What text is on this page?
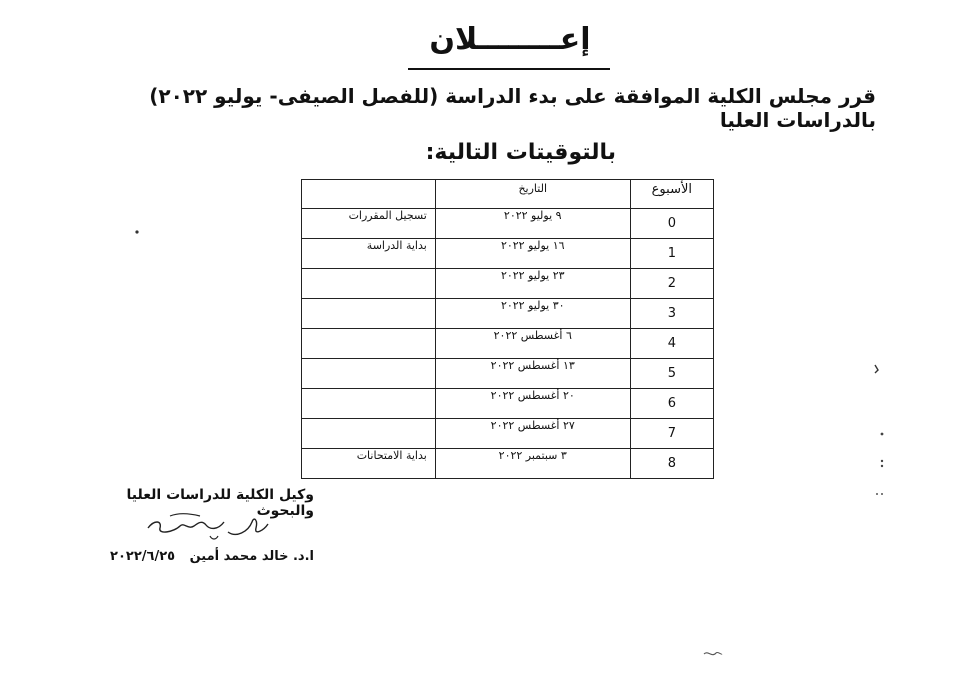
إعــــــــلان
قرر مجلس الكلية الموافقة على بدء الدراسة (للفصل الصيفى- يوليو ٢٠٢٢) بالدراسات العليا
بالتوقيتات التالية:
	التاريخ	الأسبوع
تسجيل المقررات	٩ يوليو ٢٠٢٢	0
بداية الدراسة	١٦ يوليو ٢٠٢٢	1
	٢٣ يوليو ٢٠٢٢	2
	٣٠ يوليو ٢٠٢٢	3
	٦ أغسطس ٢٠٢٢	4
	١٣ أغسطس ٢٠٢٢	5
	٢٠ أغسطس ٢٠٢٢	6
	٢٧ أغسطس ٢٠٢٢	7
بداية الامتحانات	٣ سبتمبر ٢٠٢٢	8
وكيل الكلية للدراسات العليا والبحوث
ا.د. خالد محمد أمين ٢٠٢٢/٦/٢٥
